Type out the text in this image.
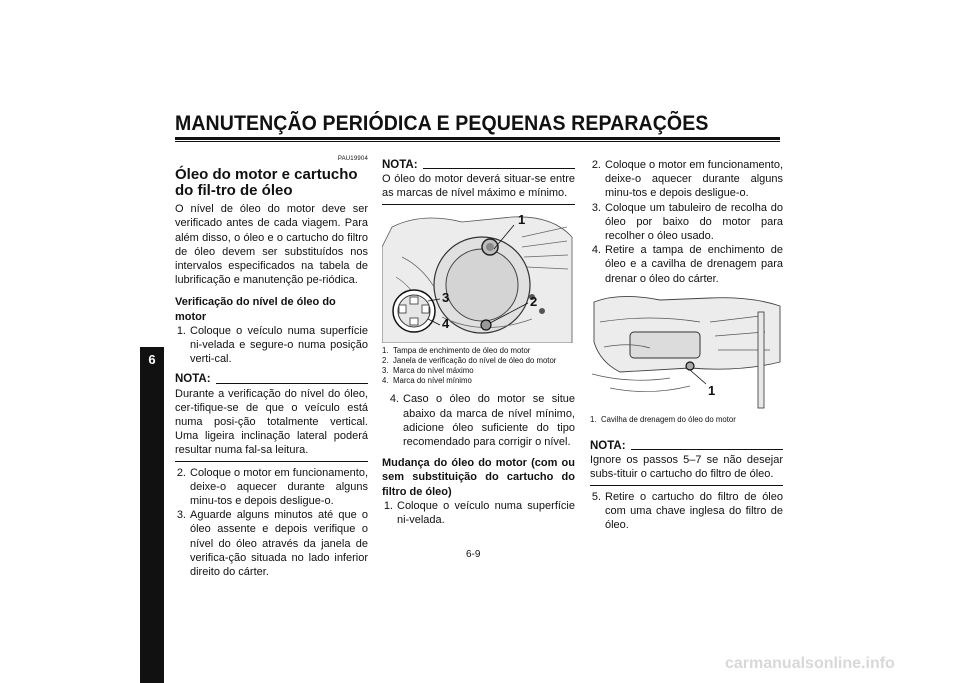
MANUTENÇÃO PERIÓDICA E PEQUENAS REPARAÇÕES
6
PAU19904
Óleo do motor e cartucho do fil-tro de óleo
O nível de óleo do motor deve ser verificado antes de cada viagem. Para além disso, o óleo e o cartucho do filtro de óleo devem ser substituídos nos intervalos especificados na tabela de lubrificação e manutenção pe-riódica.
Verificação do nível de óleo do motor
1. Coloque o veículo numa superfície ni-velada e segure-o numa posição verti-cal.
NOTA:
Durante a verificação do nível do óleo, cer-tifique-se de que o veículo está numa posi-ção totalmente vertical. Uma ligeira inclinação lateral poderá resultar numa fal-sa leitura.
2. Coloque o motor em funcionamento, deixe-o aquecer durante alguns minu-tos e depois desligue-o.
3. Aguarde alguns minutos até que o óleo assente e depois verifique o nível do óleo através da janela de verifica-ção situada no lado inferior direito do cárter.
NOTA:
O óleo do motor deverá situar-se entre as marcas de nível máximo e mínimo.
1
2
3
4
1. Tampa de enchimento de óleo do motor
2. Janela de verificação do nível de óleo do motor
3. Marca do nível máximo
4. Marca do nível mínimo
4. Caso o óleo do motor se situe abaixo da marca de nível mínimo, adicione óleo suficiente do tipo recomendado para corrigir o nível.
Mudança do óleo do motor (com ou sem substituição do cartucho do filtro de óleo)
1. Coloque o veículo numa superfície ni-velada.
2. Coloque o motor em funcionamento, deixe-o aquecer durante alguns minu-tos e depois desligue-o.
3. Coloque um tabuleiro de recolha do óleo por baixo do motor para recolher o óleo usado.
4. Retire a tampa de enchimento de óleo e a cavilha de drenagem para drenar o óleo do cárter.
1
1. Cavilha de drenagem do óleo do motor
NOTA:
Ignore os passos 5–7 se não desejar subs-tituir o cartucho do filtro de óleo.
5. Retire o cartucho do filtro de óleo com uma chave inglesa do filtro de óleo.
6-9
carmanualsonline.info
